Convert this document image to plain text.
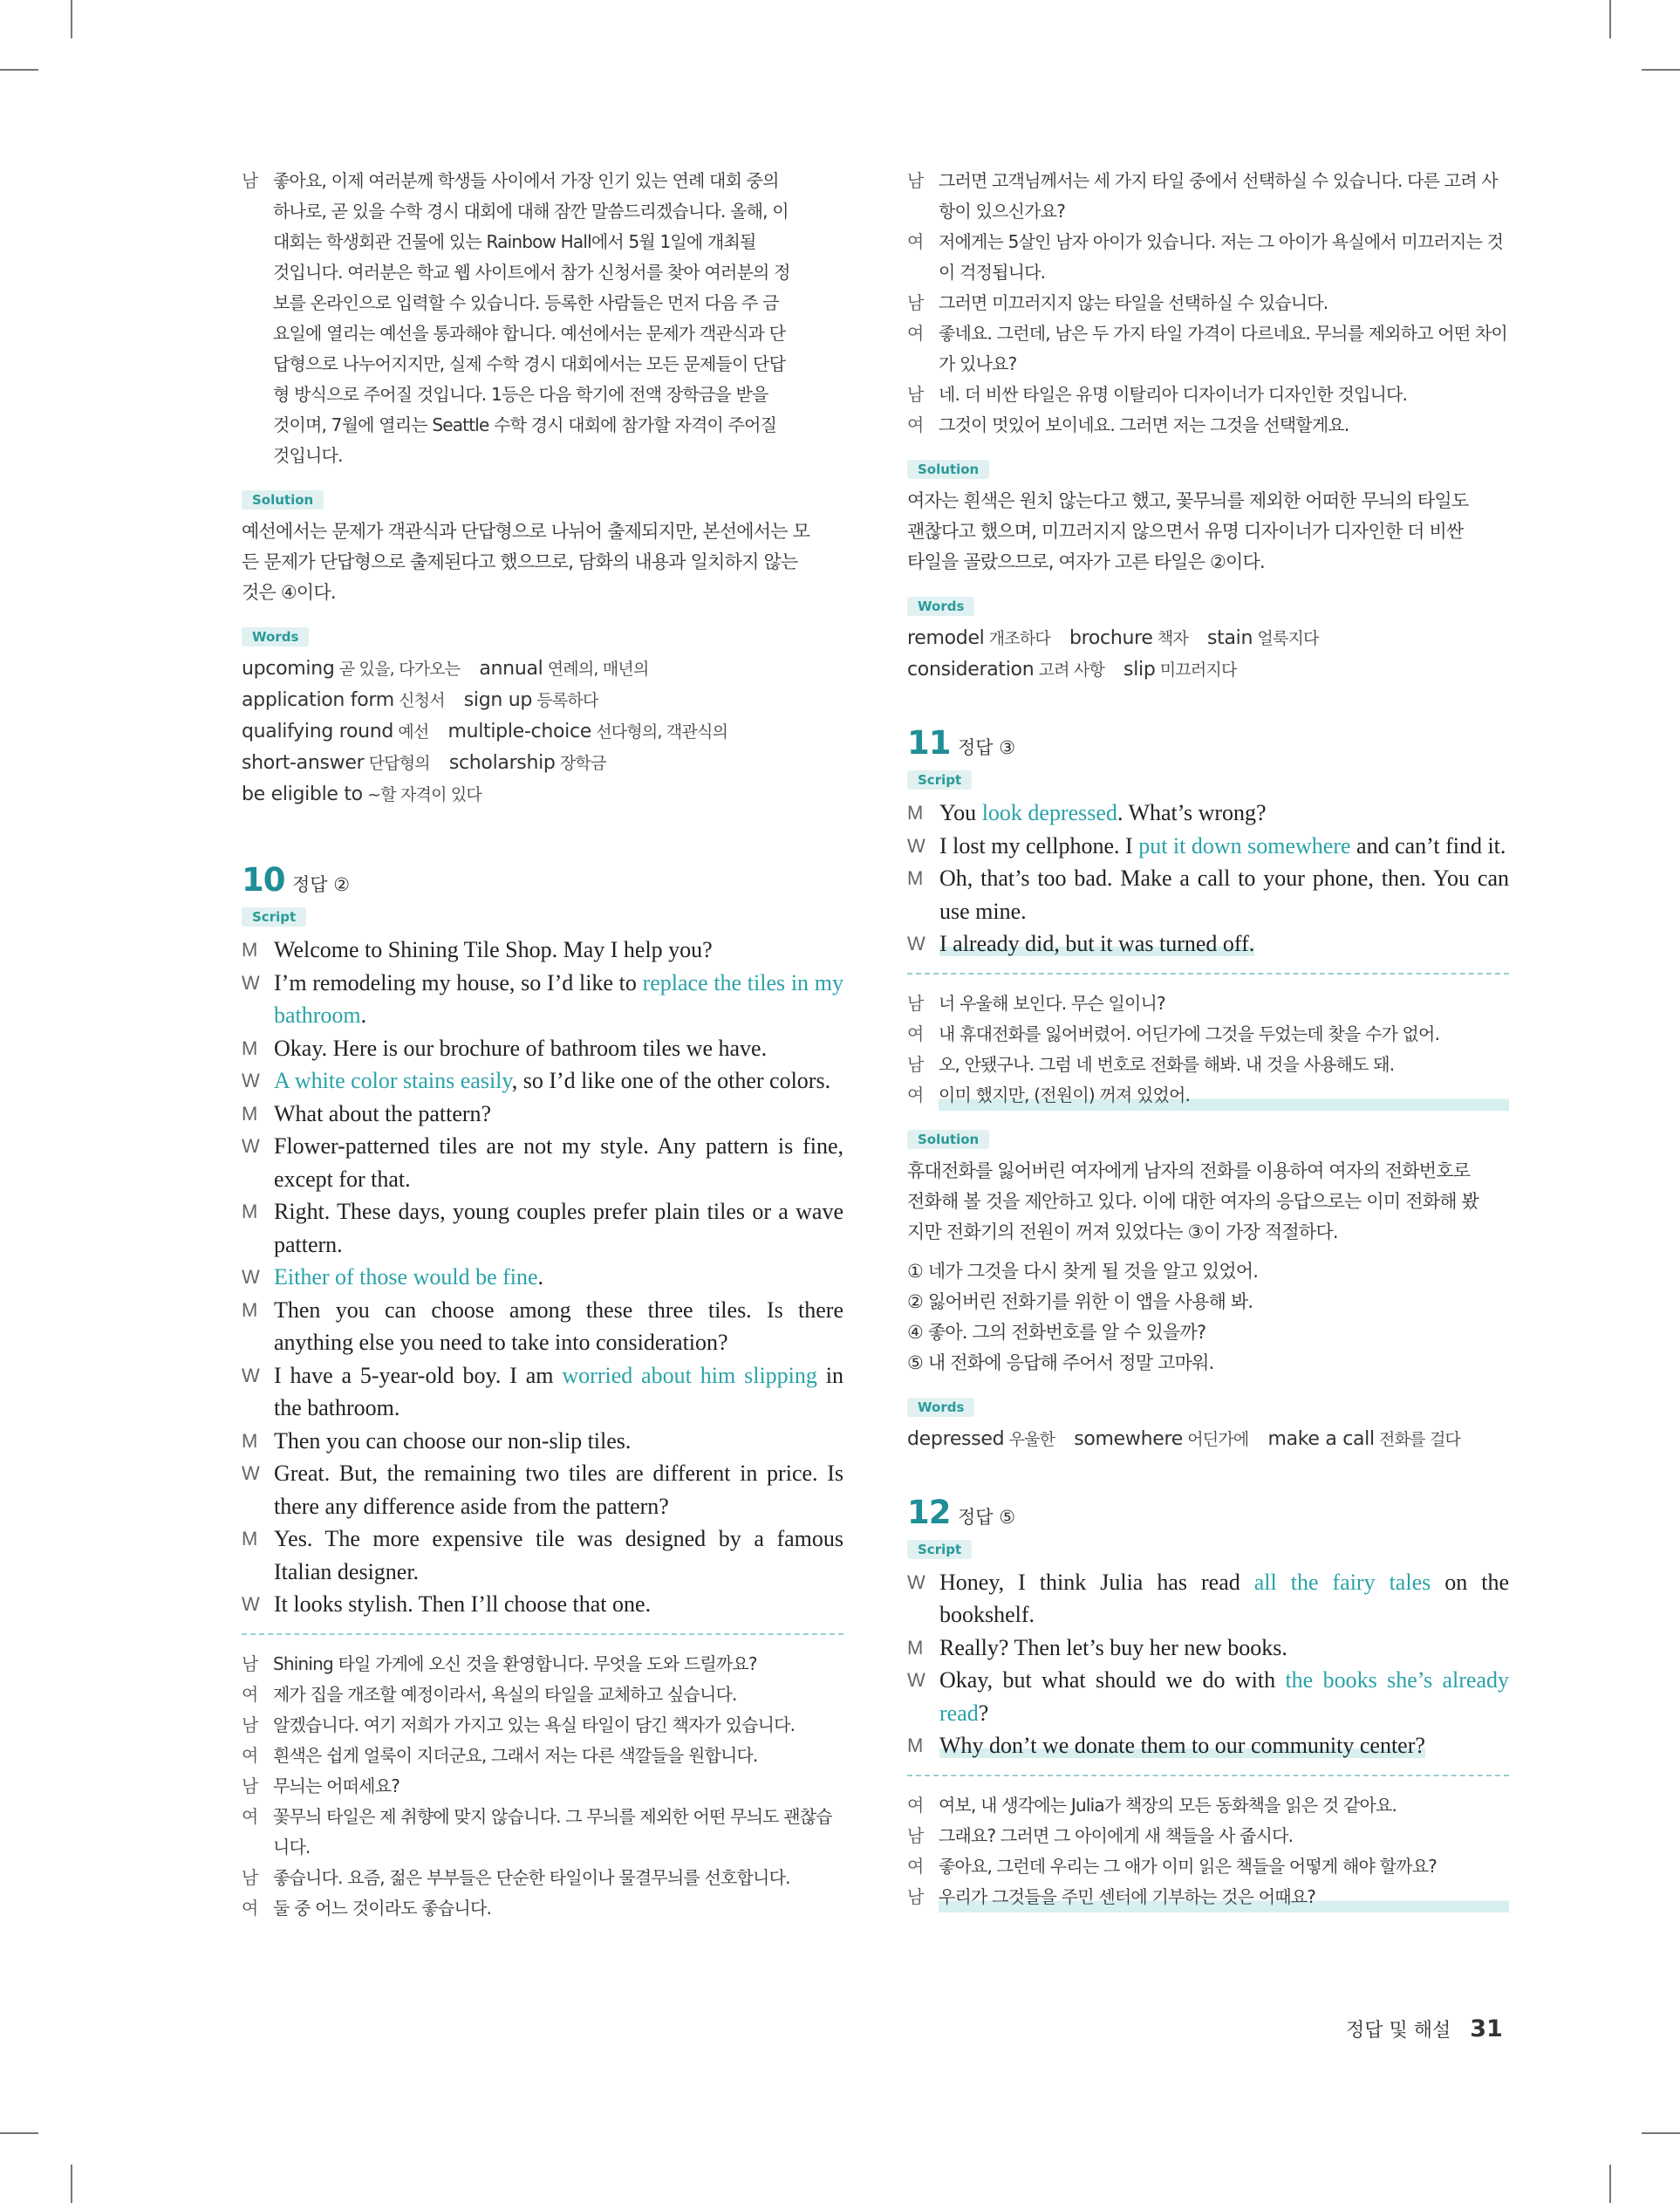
남 좋아요, 이제 여러분께 학생들 사이에서 가장 인기 있는 연례 대회 중의
하나로, 곧 있을 수학 경시 대회에 대해 잠깐 말씀드리겠습니다. 올해, 이
대회는 학생회관 건물에 있는 Rainbow Hall에서 5월 1일에 개최될
것입니다. 여러분은 학교 웹 사이트에서 참가 신청서를 찾아 여러분의 정
보를 온라인으로 입력할 수 있습니다. 등록한 사람들은 먼저 다음 주 금
요일에 열리는 예선을 통과해야 합니다. 예선에서는 문제가 객관식과 단
답형으로 나누어지지만, 실제 수학 경시 대회에서는 모든 문제들이 단답
형 방식으로 주어질 것입니다. 1등은 다음 학기에 전액 장학금을 받을
것이며, 7월에 열리는 Seattle 수학 경시 대회에 참가할 자격이 주어질
것입니다.
Solution
예선에서는 문제가 객관식과 단답형으로 나뉘어 출제되지만, 본선에서는 모
든 문제가 단답형으로 출제된다고 했으므로, 담화의 내용과 일치하지 않는
것은 ④이다.
Words
upcoming 곧 있을, 다가오는 annual 연례의, 매년의
application form 신청서 sign up 등록하다
qualifying round 예선 multiple-choice 선다형의, 객관식의
short-answer 단답형의 scholarship 장학금
be eligible to ~할 자격이 있다
10 정답 ②
Script
M Welcome to Shining Tile Shop. May I help you?
W I’m remodeling my house, so I’d like to replace the tiles in my bathroom.
M Okay. Here is our brochure of bathroom tiles we have.
W A white color stains easily, so I’d like one of the other colors.
M What about the pattern?
W Flower-patterned tiles are not my style. Any pattern is fine, except for that.
M Right. These days, young couples prefer plain tiles or a wave pattern.
W Either of those would be fine.
M Then you can choose among these three tiles. Is there anything else you need to take into consideration?
W I have a 5-year-old boy. I am worried about him slipping in the bathroom.
M Then you can choose our non-slip tiles.
W Great. But, the remaining two tiles are different in price. Is there any difference aside from the pattern?
M Yes. The more expensive tile was designed by a famous Italian designer.
W It looks stylish. Then I’ll choose that one.
남 Shining 타일 가게에 오신 것을 환영합니다. 무엇을 도와 드릴까요?
여 제가 집을 개조할 예정이라서, 욕실의 타일을 교체하고 싶습니다.
남 알겠습니다. 여기 저희가 가지고 있는 욕실 타일이 담긴 책자가 있습니다.
여 흰색은 쉽게 얼룩이 지더군요, 그래서 저는 다른 색깔들을 원합니다.
남 무늬는 어떠세요?
여 꽃무늬 타일은 제 취향에 맞지 않습니다. 그 무늬를 제외한 어떤 무늬도 괜찮습니다.
남 좋습니다. 요즘, 젊은 부부들은 단순한 타일이나 물결무늬를 선호합니다.
여 둘 중 어느 것이라도 좋습니다.
남 그러면 고객님께서는 세 가지 타일 중에서 선택하실 수 있습니다. 다른 고려 사항이 있으신가요?
여 저에게는 5살인 남자 아이가 있습니다. 저는 그 아이가 욕실에서 미끄러지는 것이 걱정됩니다.
남 그러면 미끄러지지 않는 타일을 선택하실 수 있습니다.
여 좋네요. 그런데, 남은 두 가지 타일 가격이 다르네요. 무늬를 제외하고 어떤 차이가 있나요?
남 네. 더 비싼 타일은 유명 이탈리아 디자이너가 디자인한 것입니다.
여 그것이 멋있어 보이네요. 그러면 저는 그것을 선택할게요.
Solution
여자는 흰색은 원치 않는다고 했고, 꽃무늬를 제외한 어떠한 무늬의 타일도
괜찮다고 했으며, 미끄러지지 않으면서 유명 디자이너가 디자인한 더 비싼
타일을 골랐으므로, 여자가 고른 타일은 ②이다.
Words
remodel 개조하다 brochure 책자 stain 얼룩지다
consideration 고려 사항 slip 미끄러지다
11 정답 ③
Script
M You look depressed. What’s wrong?
W I lost my cellphone. I put it down somewhere and can’t find it.
M Oh, that’s too bad. Make a call to your phone, then. You can use mine.
W I already did, but it was turned off.
남 너 우울해 보인다. 무슨 일이니?
여 내 휴대전화를 잃어버렸어. 어딘가에 그것을 두었는데 찾을 수가 없어.
남 오, 안됐구나. 그럼 네 번호로 전화를 해봐. 내 것을 사용해도 돼.
여 이미 했지만, (전원이) 꺼져 있었어.
Solution
휴대전화를 잃어버린 여자에게 남자의 전화를 이용하여 여자의 전화번호로
전화해 볼 것을 제안하고 있다. 이에 대한 여자의 응답으로는 이미 전화해 봤
지만 전화기의 전원이 꺼져 있었다는 ③이 가장 적절하다.
① 네가 그것을 다시 찾게 될 것을 알고 있었어.
② 잃어버린 전화기를 위한 이 앱을 사용해 봐.
④ 좋아. 그의 전화번호를 알 수 있을까?
⑤ 내 전화에 응답해 주어서 정말 고마워.
Words
depressed 우울한 somewhere 어딘가에 make a call 전화를 걸다
12 정답 ⑤
Script
W Honey, I think Julia has read all the fairy tales on the bookshelf.
M Really? Then let’s buy her new books.
W Okay, but what should we do with the books she’s already read?
M Why don’t we donate them to our community center?
여 여보, 내 생각에는 Julia가 책장의 모든 동화책을 읽은 것 같아요.
남 그래요? 그러면 그 아이에게 새 책들을 사 줍시다.
여 좋아요, 그런데 우리는 그 애가 이미 읽은 책들을 어떻게 해야 할까요?
남 우리가 그것들을 주민 센터에 기부하는 것은 어때요?
정답 및 해설 31
